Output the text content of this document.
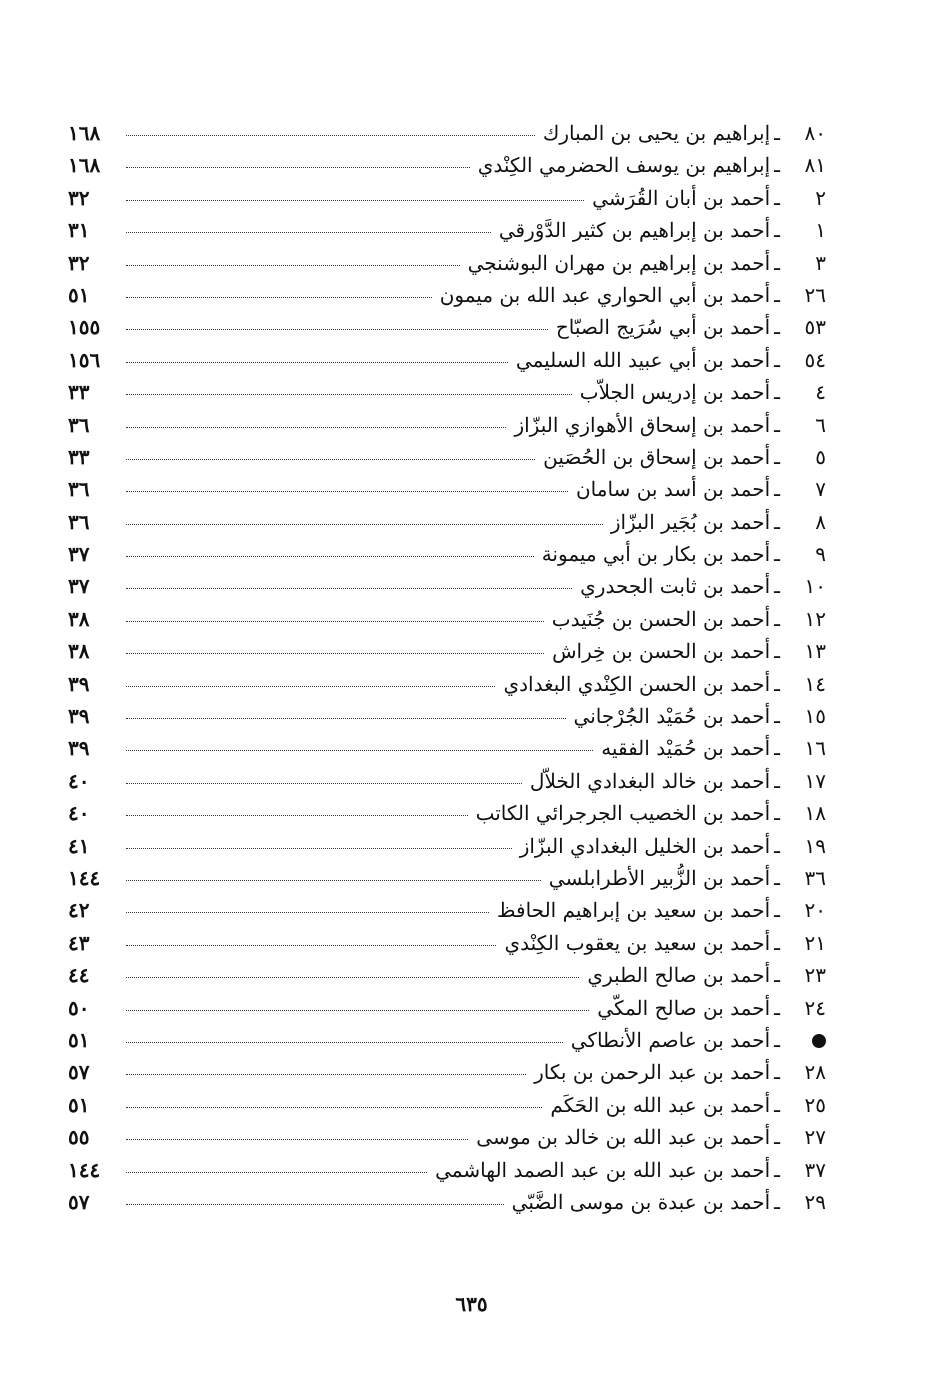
٨٠
ـ
إبراهيم بن يحيى بن المبارك
١٦٨
٨١
ـ
إبراهيم بن يوسف الحضرمي الكِنْدي
١٦٨
٢
ـ
أحمد بن أبان القُرَشي
٣٢
١
ـ
أحمد بن إبراهيم بن كثير الدَّوْرقي
٣١
٣
ـ
أحمد بن إبراهيم بن مهران البوشنجي
٣٢
٢٦
ـ
أحمد بن أبي الحواري عبد الله بن ميمون
٥١
٥٣
ـ
أحمد بن أبي سُرَيج الصبّاح
١٥٥
٥٤
ـ
أحمد بن أبي عبيد الله السليمي
١٥٦
٤
ـ
أحمد بن إدريس الجلاّب
٣٣
٦
ـ
أحمد بن إسحاق الأهوازي البزّاز
٣٦
٥
ـ
أحمد بن إسحاق بن الحُصَين
٣٣
٧
ـ
أحمد بن أسد بن سامان
٣٦
٨
ـ
أحمد بن بُجَير البزّاز
٣٦
٩
ـ
أحمد بن بكار بن أبي ميمونة
٣٧
١٠
ـ
أحمد بن ثابت الجحدري
٣٧
١٢
ـ
أحمد بن الحسن بن جُنَيدب
٣٨
١٣
ـ
أحمد بن الحسن بن خِراش
٣٨
١٤
ـ
أحمد بن الحسن الكِنْدي البغدادي
٣٩
١٥
ـ
أحمد بن حُمَيْد الجُرْجاني
٣٩
١٦
ـ
أحمد بن حُمَيْد الفقيه
٣٩
١٧
ـ
أحمد بن خالد البغدادي الخلاّل
٤٠
١٨
ـ
أحمد بن الخصيب الجرجرائي الكاتب
٤٠
١٩
ـ
أحمد بن الخليل البغدادي البزّاز
٤١
٣٦
ـ
أحمد بن الزُّبير الأطرابلسي
١٤٤
٢٠
ـ
أحمد بن سعيد بن إبراهيم الحافظ
٤٢
٢١
ـ
أحمد بن سعيد بن يعقوب الكِنْدي
٤٣
٢٣
ـ
أحمد بن صالح الطبري
٤٤
٢٤
ـ
أحمد بن صالح المكّي
٥٠
ـ
أحمد بن عاصم الأنطاكي
٥١
٢٨
ـ
أحمد بن عبد الرحمن بن بكار
٥٧
٢٥
ـ
أحمد بن عبد الله بن الحَكَم
٥١
٢٧
ـ
أحمد بن عبد الله بن خالد بن موسى
٥٥
٣٧
ـ
أحمد بن عبد الله بن عبد الصمد الهاشمي
١٤٤
٢٩
ـ
أحمد بن عبدة بن موسى الضَّبّي
٥٧
٦٣٥
